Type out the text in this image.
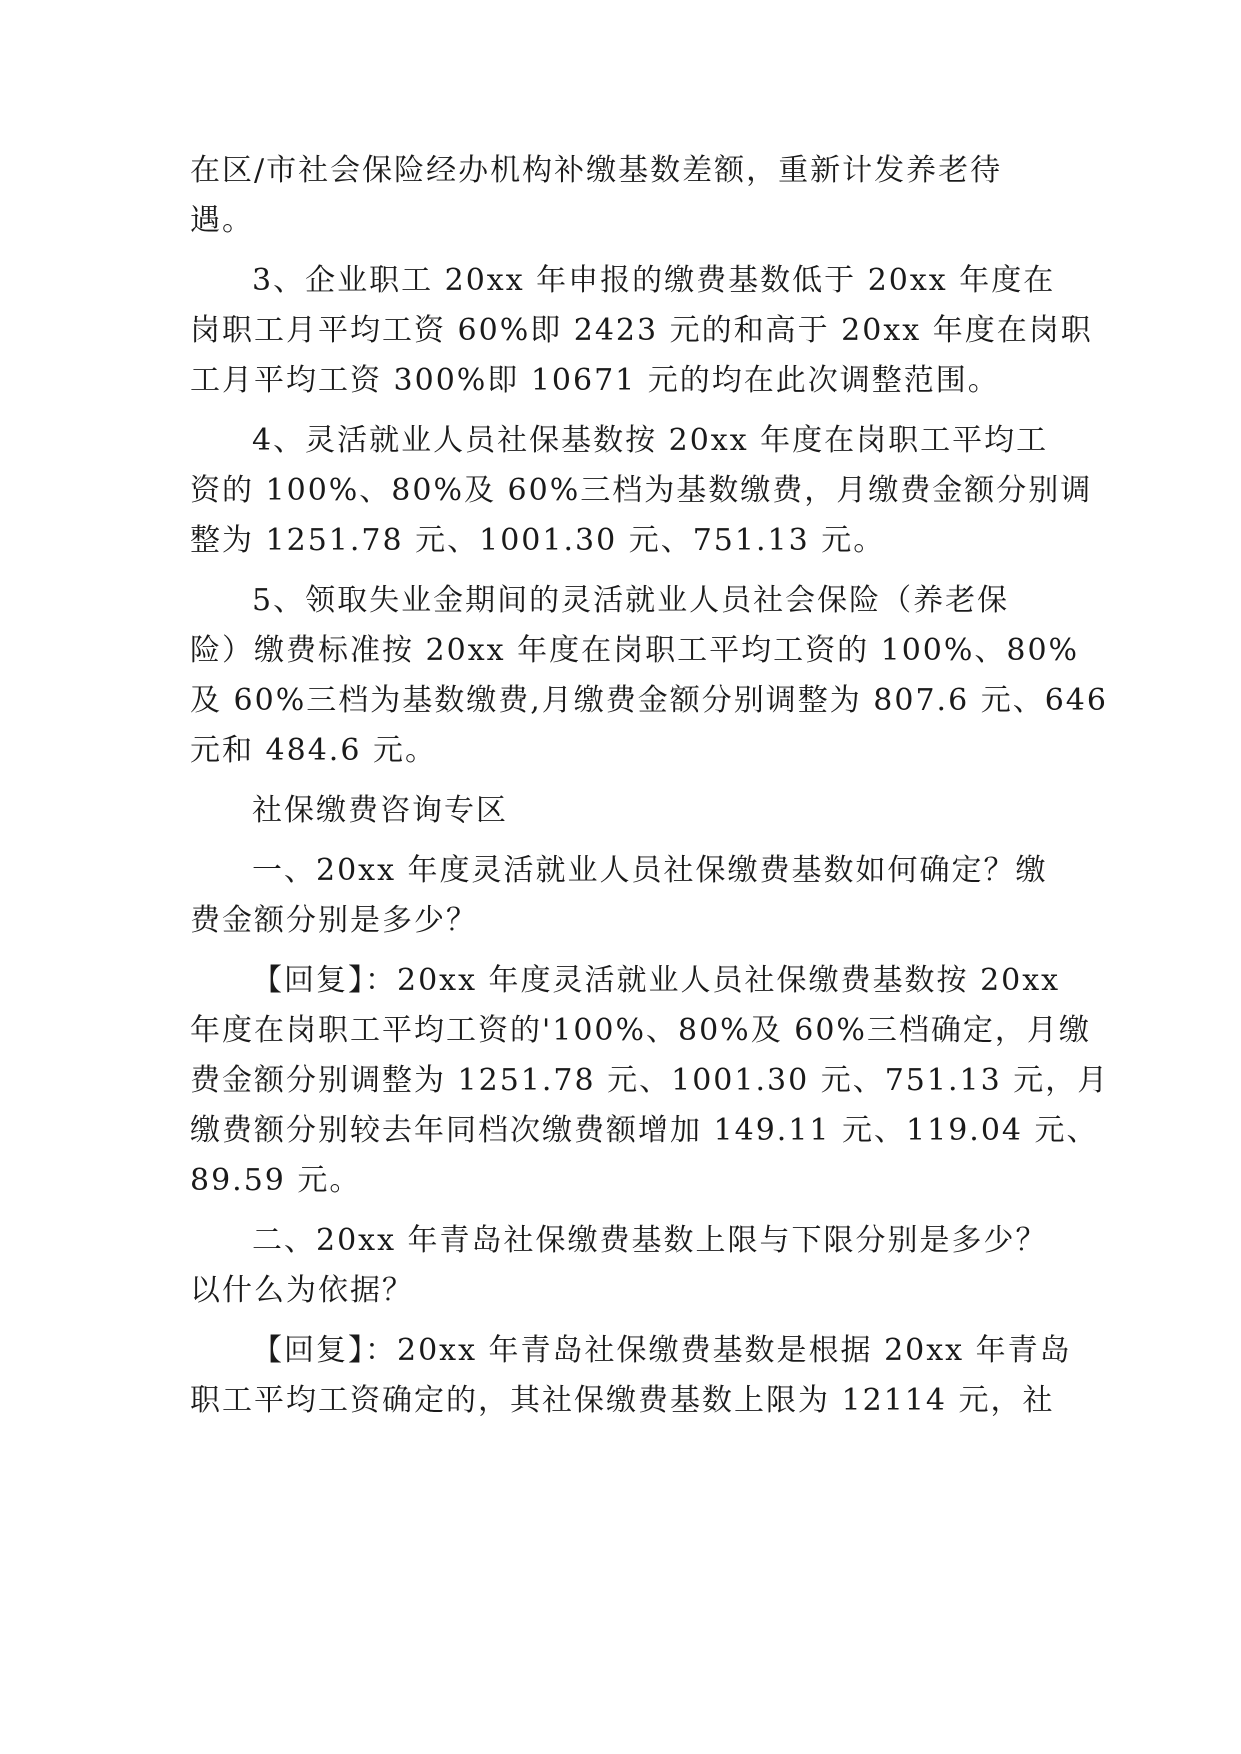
在区/市社会保险经办机构补缴基数差额，重新计发养老待
遇。
3、企业职工 20xx 年申报的缴费基数低于 20xx 年度在
岗职工月平均工资 60%即 2423 元的和高于 20xx 年度在岗职
工月平均工资 300%即 10671 元的均在此次调整范围。
4、灵活就业人员社保基数按 20xx 年度在岗职工平均工
资的 100%、80%及 60%三档为基数缴费，月缴费金额分别调
整为 1251.78 元、1001.30 元、751.13 元。
5、领取失业金期间的灵活就业人员社会保险（养老保
险）缴费标准按 20xx 年度在岗职工平均工资的 100%、80%
及 60%三档为基数缴费,月缴费金额分别调整为 807.6 元、646
元和 484.6 元。
社保缴费咨询专区
一、20xx 年度灵活就业人员社保缴费基数如何确定？缴
费金额分别是多少？
【回复】：20xx 年度灵活就业人员社保缴费基数按 20xx
年度在岗职工平均工资的'100%、80%及 60%三档确定，月缴
费金额分别调整为 1251.78 元、1001.30 元、751.13 元，月
缴费额分别较去年同档次缴费额增加 149.11 元、119.04 元、
89.59 元。
二、20xx 年青岛社保缴费基数上限与下限分别是多少？
以什么为依据？
【回复】：20xx 年青岛社保缴费基数是根据 20xx 年青岛
职工平均工资确定的，其社保缴费基数上限为 12114 元，社
